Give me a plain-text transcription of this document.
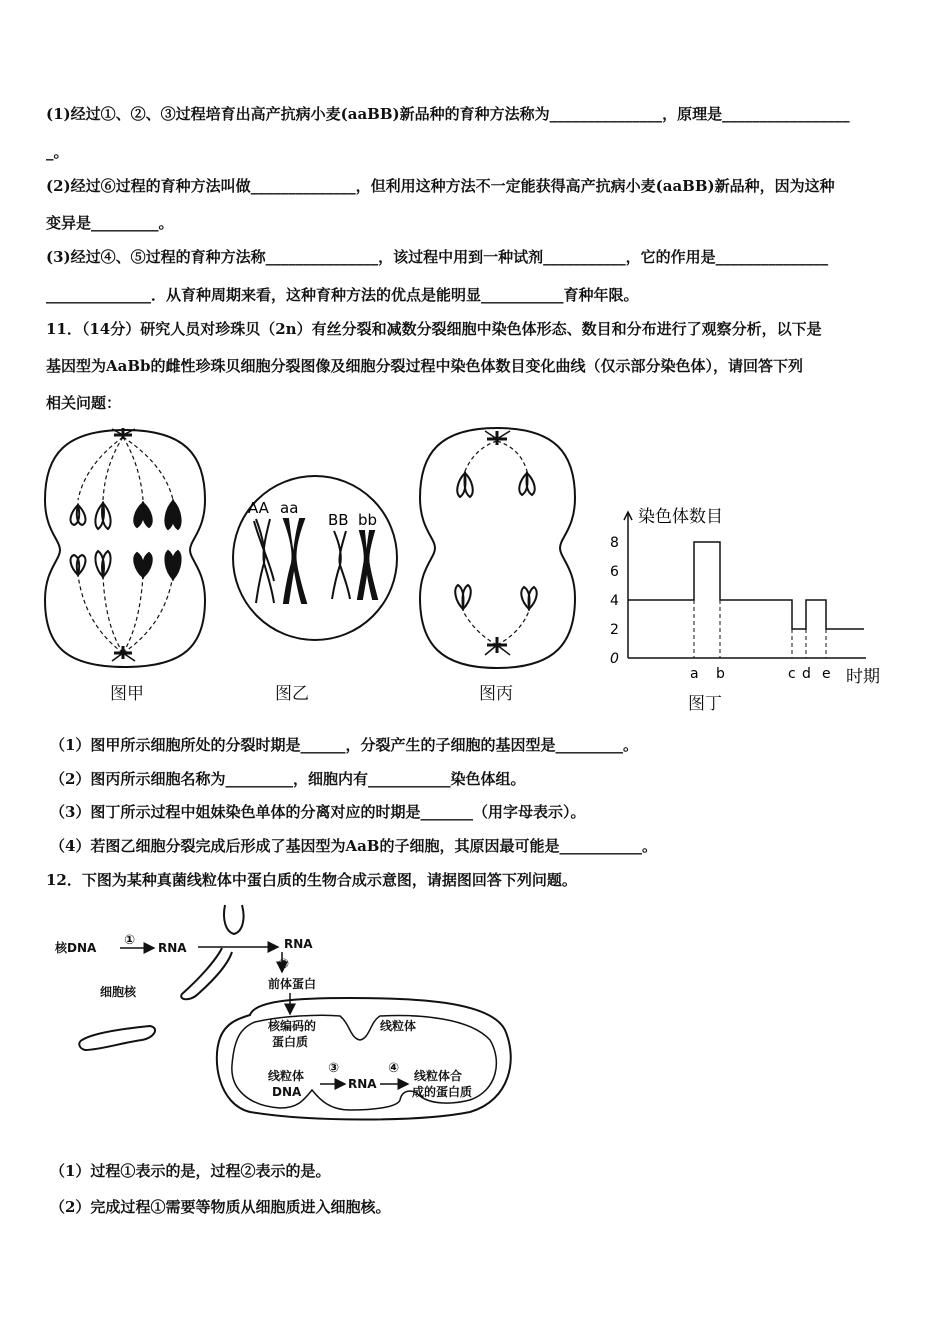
(1)经过①、②、③过程培育出高产抗病小麦(aaBB)新品种的育种方法称为_______________，原理是_________________
_。
(2)经过⑥过程的育种方法叫做______________，但利用这种方法不一定能获得高产抗病小麦(aaBB)新品种，因为这种
变异是_________。
(3)经过④、⑤过程的育种方法称_______________，该过程中用到一种试剂___________，它的作用是_______________
______________．从育种周期来看，这种育种方法的优点是能明显___________育种年限。
11．（14分）研究人员对珍珠贝（2n）有丝分裂和减数分裂细胞中染色体形态、数目和分布进行了观察分析，以下是
基因型为AaBb的雌性珍珠贝细胞分裂图像及细胞分裂过程中染色体数目变化曲线（仅示部分染色体），请回答下列
相关问题：
图甲
AA aa
BB bb
图乙	图丙
0
2
4
6
8
a b	c d e
染色体数目
时期
图丁
（1）图甲所示细胞所处的分裂时期是______，分裂产生的子细胞的基因型是_________。
（2）图丙所示细胞名称为_________，细胞内有___________染色体组。
（3）图丁所示过程中姐妹染色单体的分离对应的时期是_______（用字母表示）。
（4）若图乙细胞分裂完成后形成了基因型为AaB的子细胞，其原因最可能是___________。
12．下图为某种真菌线粒体中蛋白质的生物合成示意图，请据图回答下列问题。
核DNA ① RNA	RNA
②
前体蛋白
细胞核
核编码的
蛋白质
线粒体
线粒体
DNA
③
RNA
④ 线粒体合
成的蛋白质
（1）过程①表示的是，过程②表示的是。
（2）完成过程①需要等物质从细胞质进入细胞核。
